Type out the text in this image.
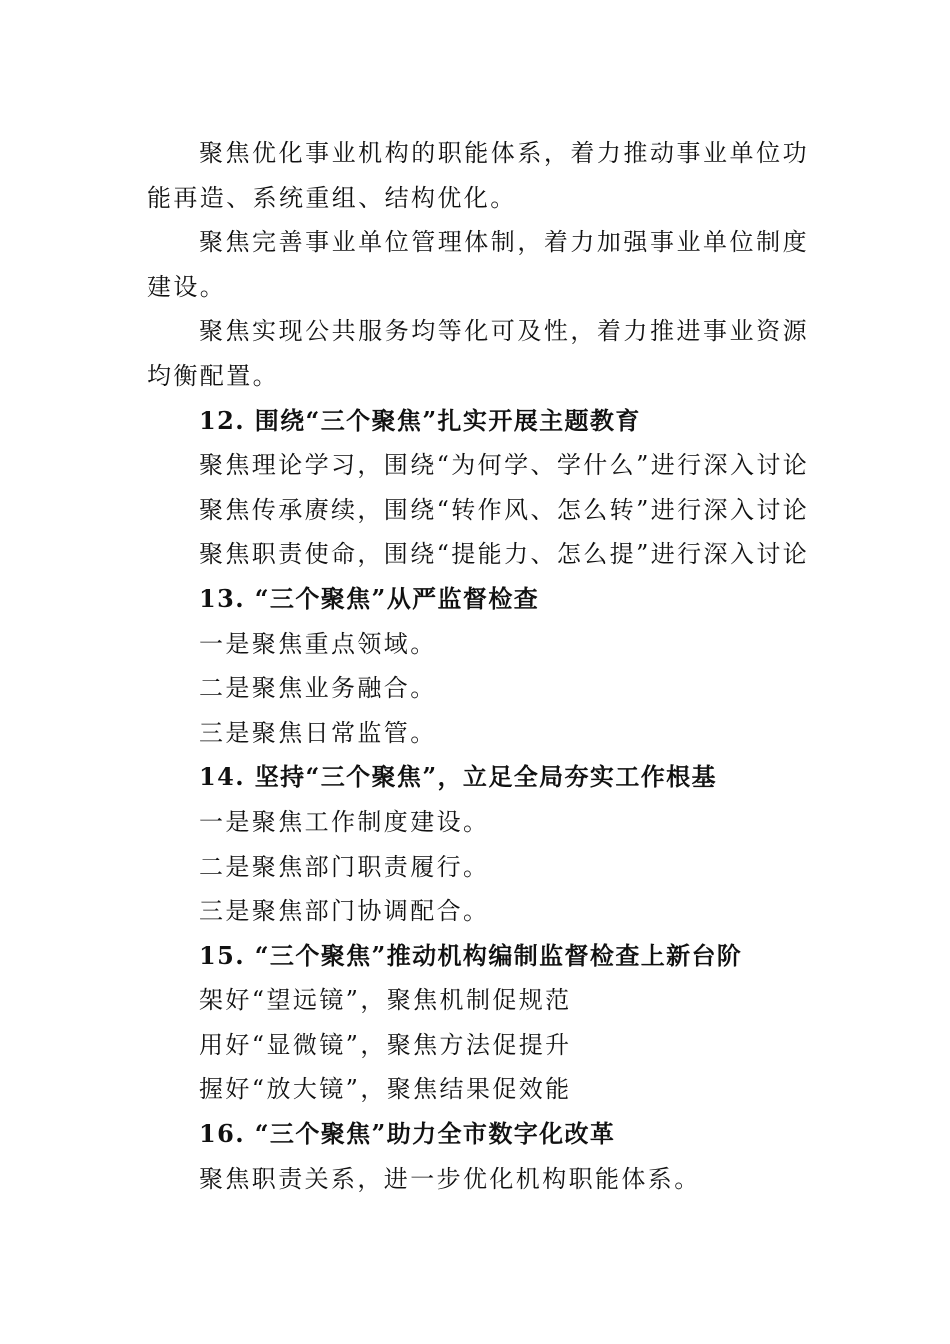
聚焦优化事业机构的职能体系，着力推动事业单位功能再造、系统重组、结构优化。

聚焦完善事业单位管理体制，着力加强事业单位制度建设。

聚焦实现公共服务均等化可及性，着力推进事业资源均衡配置。

12. 围绕“三个聚焦”扎实开展主题教育

聚焦理论学习，围绕“为何学、学什么”进行深入讨论

聚焦传承赓续，围绕“转作风、怎么转”进行深入讨论

聚焦职责使命，围绕“提能力、怎么提”进行深入讨论

13. “三个聚焦”从严监督检查

一是聚焦重点领域。

二是聚焦业务融合。

三是聚焦日常监管。

14. 坚持“三个聚焦”，立足全局夯实工作根基

一是聚焦工作制度建设。

二是聚焦部门职责履行。

三是聚焦部门协调配合。

15. “三个聚焦”推动机构编制监督检查上新台阶

架好“望远镜”，聚焦机制促规范

用好“显微镜”，聚焦方法促提升

握好“放大镜”，聚焦结果促效能

16. “三个聚焦”助力全市数字化改革

聚焦职责关系，进一步优化机构职能体系。
